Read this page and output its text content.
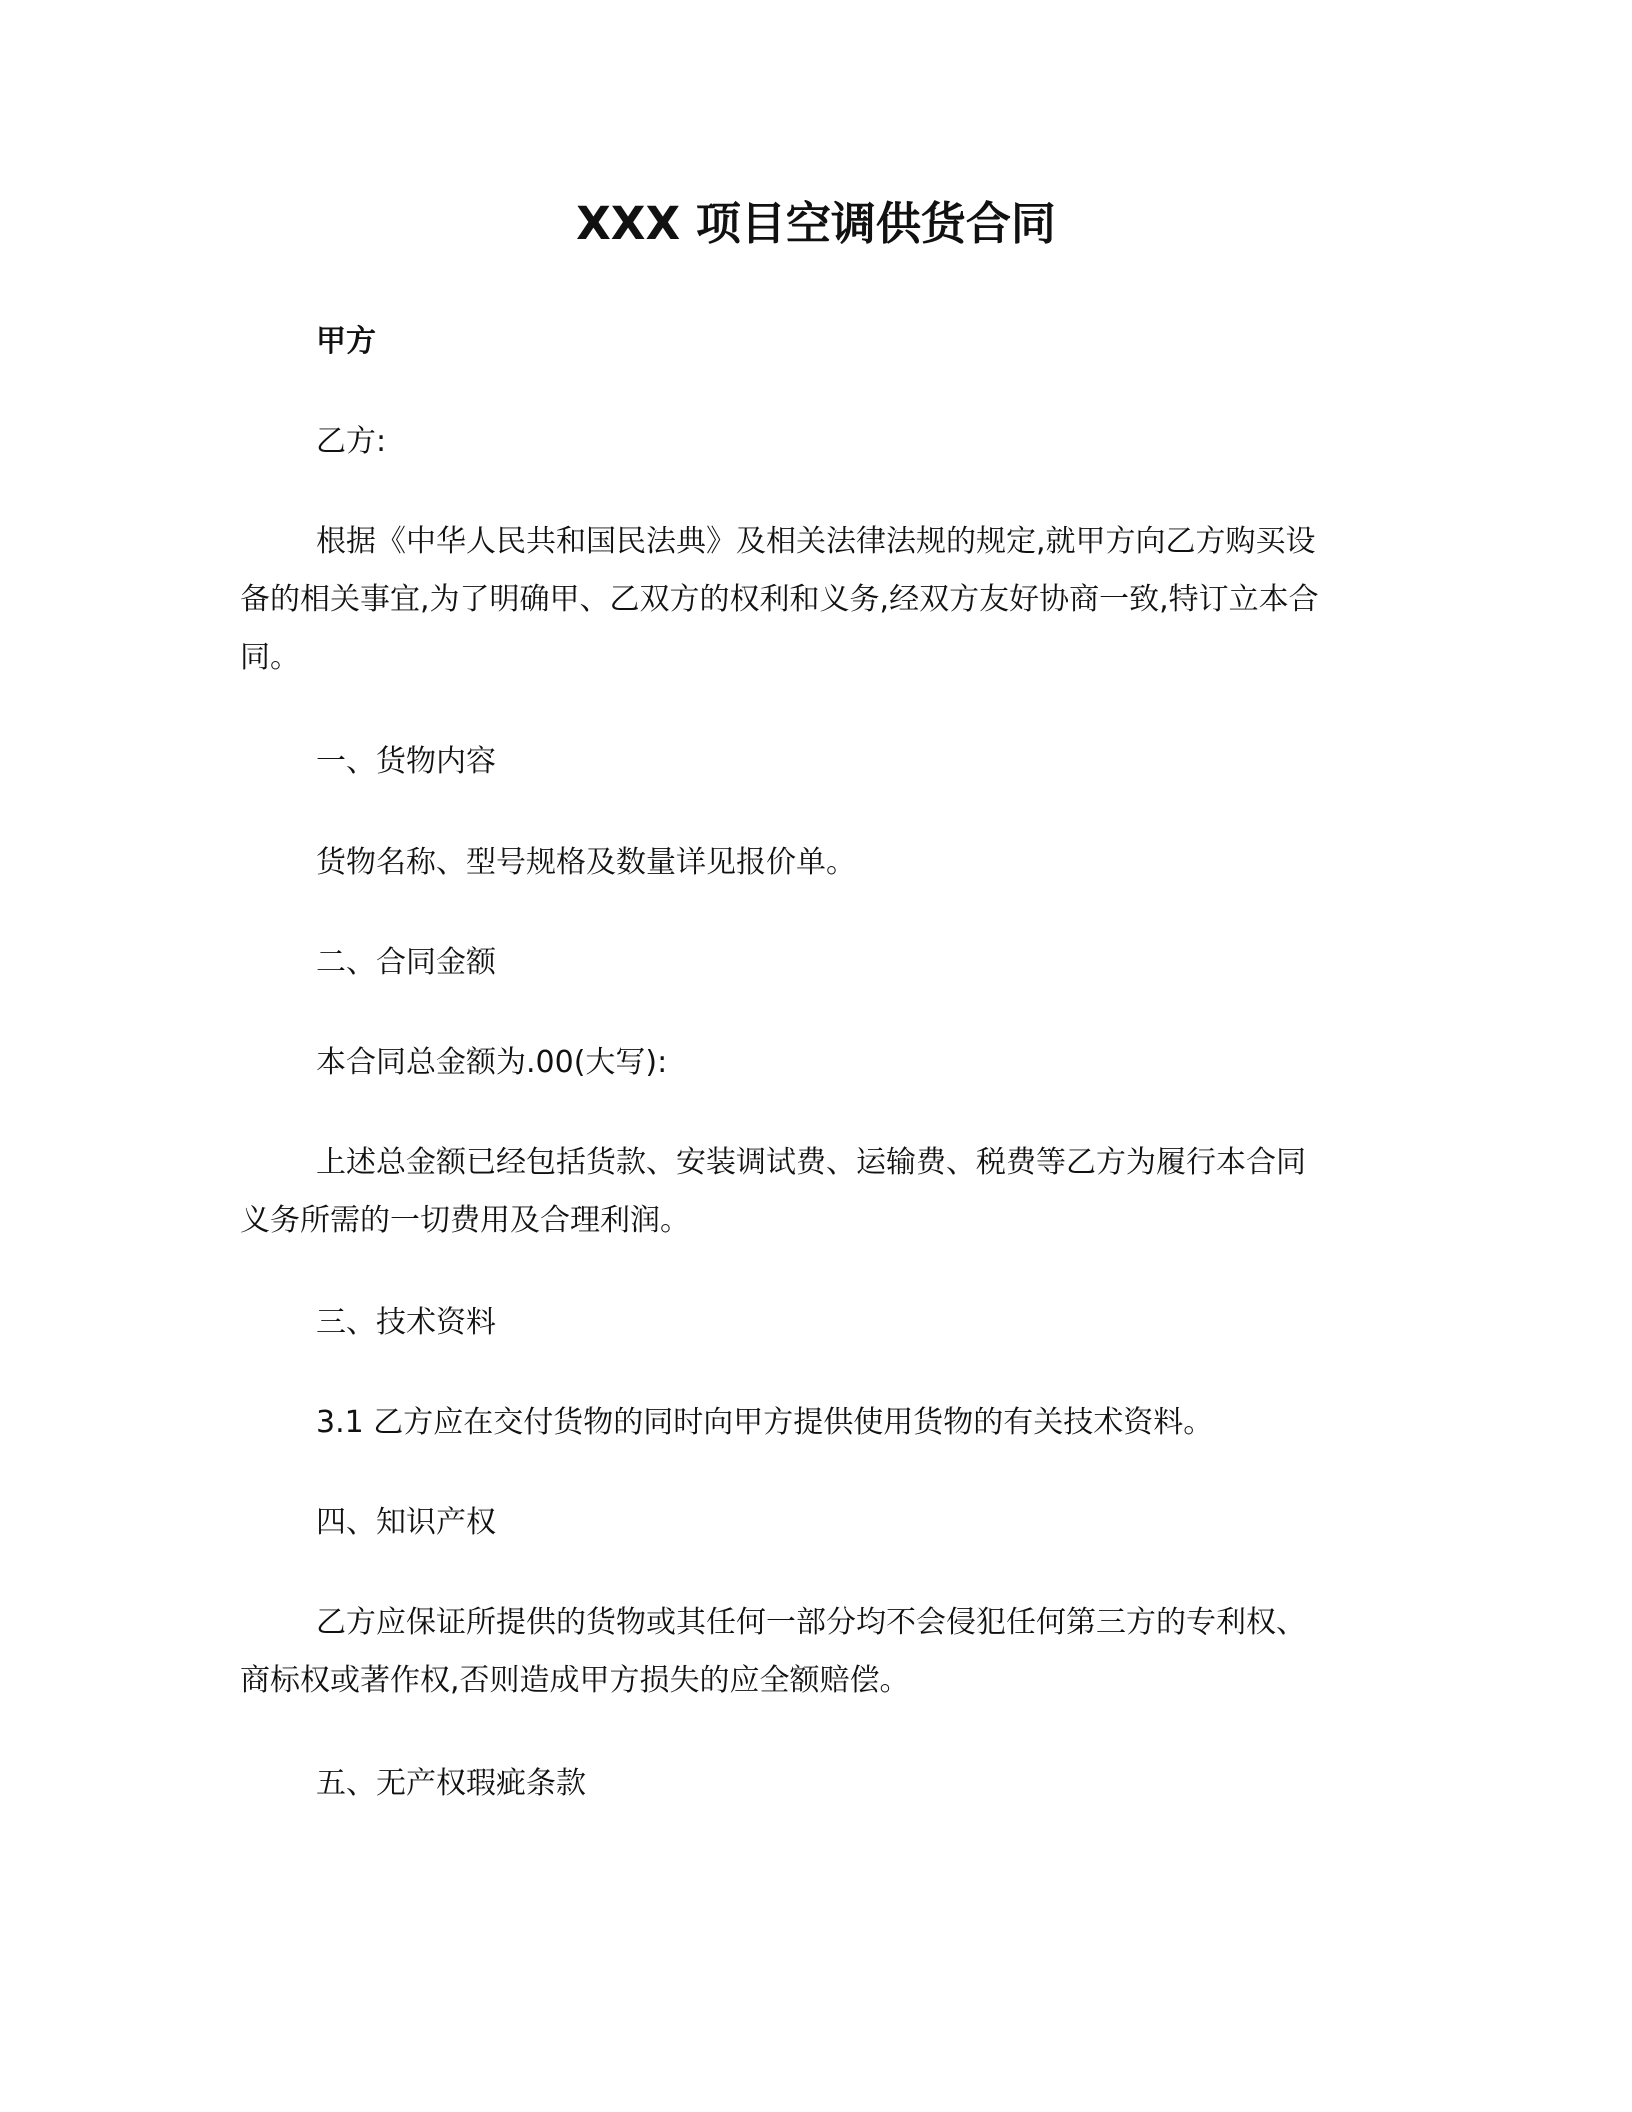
XXX 项目空调供货合同
甲方
乙方:
根据《中华人民共和国民法典》及相关法律法规的规定,就甲方向乙方购买设
备的相关事宜,为了明确甲、乙双方的权利和义务,经双方友好协商一致,特订立本合
同。
一、货物内容
货物名称、型号规格及数量详见报价单。
二、合同金额
本合同总金额为.00(大写):
上述总金额已经包括货款、安装调试费、运输费、税费等乙方为履行本合同
义务所需的一切费用及合理利润。
三、技术资料
3.1 乙方应在交付货物的同时向甲方提供使用货物的有关技术资料。
四、知识产权
乙方应保证所提供的货物或其任何一部分均不会侵犯任何第三方的专利权、
商标权或著作权,否则造成甲方损失的应全额赔偿。
五、无产权瑕疵条款
